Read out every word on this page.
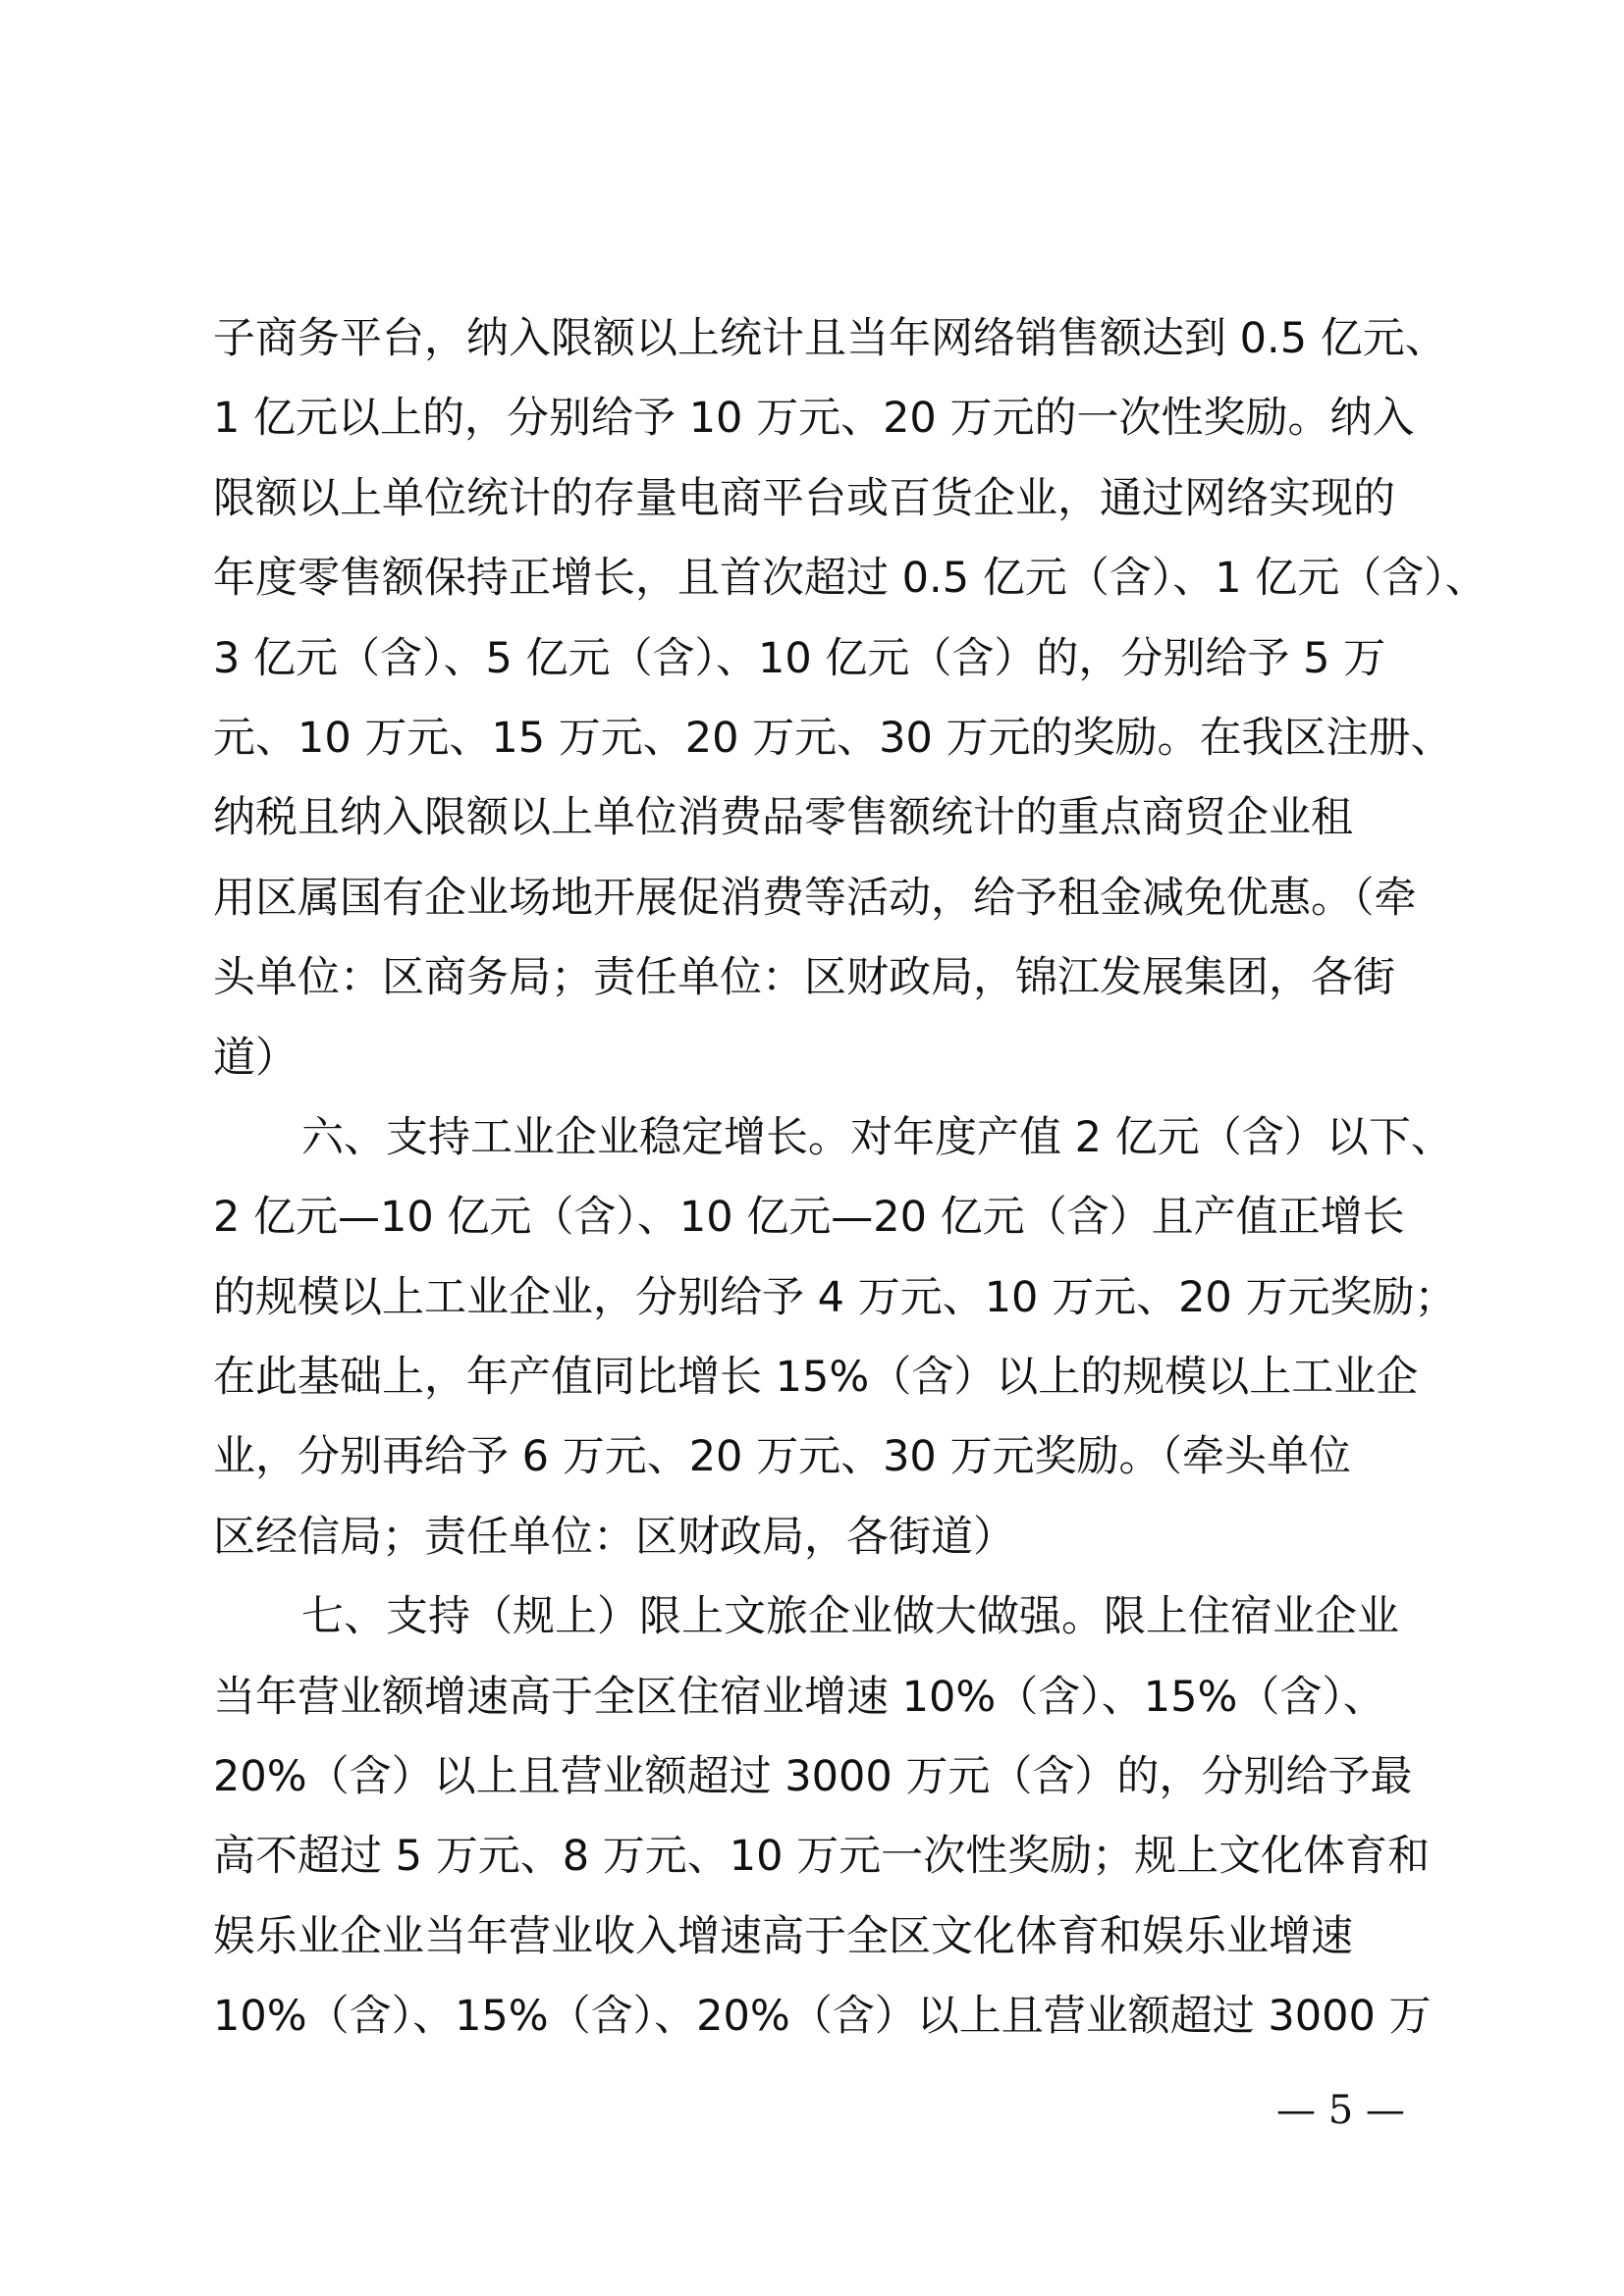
子商务平台，纳入限额以上统计且当年网络销售额达到 0.5 亿元、
1 亿元以上的，分别给予 10 万元、20 万元的一次性奖励。纳入
限额以上单位统计的存量电商平台或百货企业，通过网络实现的
年度零售额保持正增长，且首次超过 0.5 亿元（含）、1 亿元（含）、
3 亿元（含）、5 亿元（含）、10 亿元（含）的，分别给予 5 万
元、10 万元、15 万元、20 万元、30 万元的奖励。在我区注册、
纳税且纳入限额以上单位消费品零售额统计的重点商贸企业租
用区属国有企业场地开展促消费等活动，给予租金减免优惠。（牵
头单位：区商务局；责任单位：区财政局，锦江发展集团，各街
道）
六、支持工业企业稳定增长。对年度产值 2 亿元（含）以下、
2 亿元—10 亿元（含）、10 亿元—20 亿元（含）且产值正增长
的规模以上工业企业，分别给予 4 万元、10 万元、20 万元奖励；
在此基础上，年产值同比增长 15%（含）以上的规模以上工业企
业，分别再给予 6 万元、20 万元、30 万元奖励。（牵头单位
区经信局；责任单位：区财政局，各街道）
七、支持（规上）限上文旅企业做大做强。限上住宿业企业
当年营业额增速高于全区住宿业增速 10%（含）、15%（含）、
20%（含）以上且营业额超过 3000 万元（含）的，分别给予最
高不超过 5 万元、8 万元、10 万元一次性奖励；规上文化体育和
娱乐业企业当年营业收入增速高于全区文化体育和娱乐业增速
10%（含）、15%（含）、20%（含）以上且营业额超过 3000 万
— 5 —
